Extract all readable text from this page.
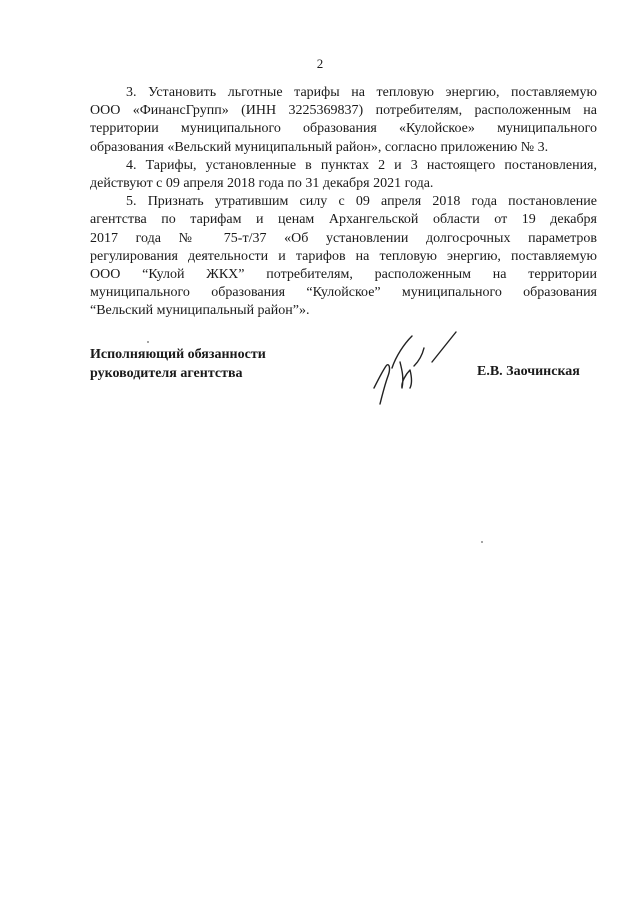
2
3. Установить льготные тарифы на тепловую энергию, поставляемую
ООО «ФинансГрупп» (ИНН 3225369837) потребителям, расположенным на
территории муниципального образования «Кулойское» муниципального
образования «Вельский муниципальный район», согласно приложению № 3.
4. Тарифы, установленные в пунктах 2 и 3 настоящего постановления,
действуют с 09 апреля 2018 года по 31 декабря 2021 года.
5. Признать утратившим силу с 09 апреля 2018 года постановление
агентства по тарифам и ценам Архангельской области от 19 декабря
2017 года № 75-т/37 «Об установлении долгосрочных параметров
регулирования деятельности и тарифов на тепловую энергию, поставляемую
ООО “Кулой ЖКХ” потребителям, расположенным на территории
муниципального образования “Кулойское” муниципального образования
“Вельский муниципальный район”».
Исполняющий обязанности
руководителя агентства	Е.В. Заочинская
